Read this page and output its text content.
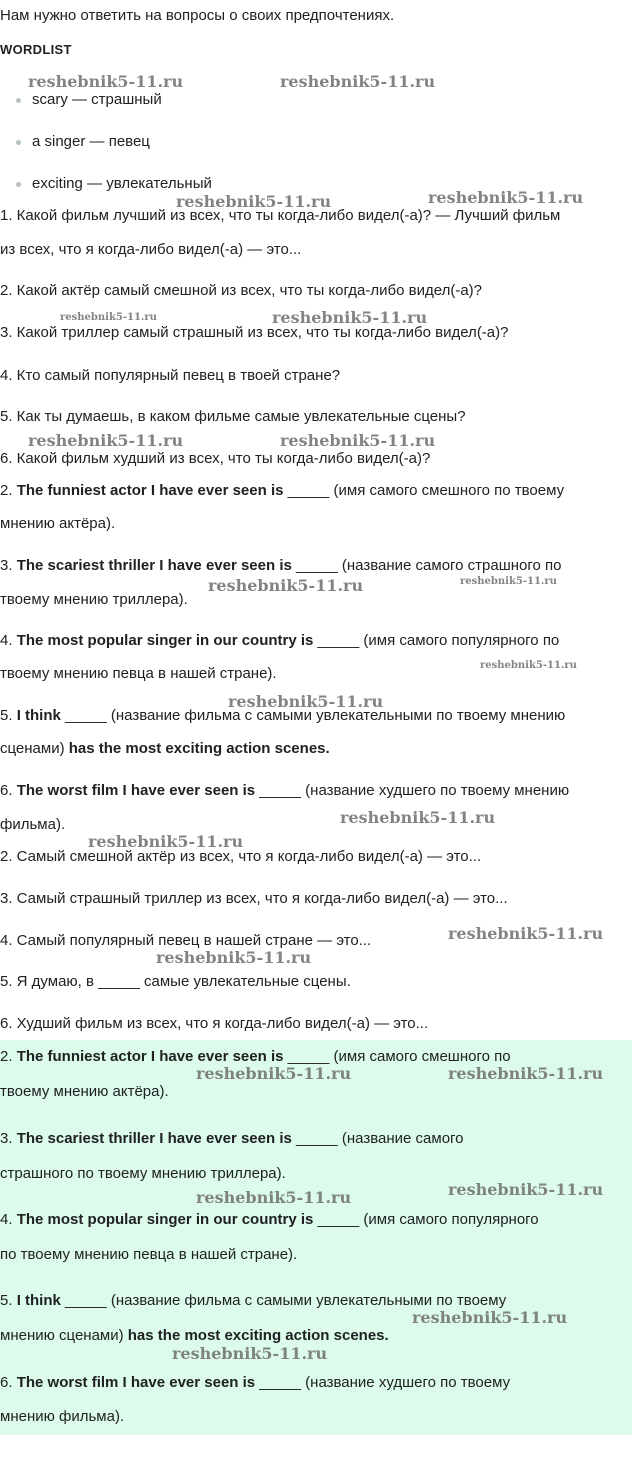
Нам нужно ответить на вопросы о своих предпочтениях.
WORDLIST
scary — страшный
a singer — певец
exciting — увлекательный
1. Какой фильм лучший из всех, что ты когда-либо видел(-а)? — Лучший фильм
из всех, что я когда-либо видел(-а) — это...
2. Какой актёр самый смешной из всех, что ты когда-либо видел(-а)?
3. Какой триллер самый страшный из всех, что ты когда-либо видел(-а)?
4. Кто самый популярный певец в твоей стране?
5. Как ты думаешь, в каком фильме самые увлекательные сцены?
6. Какой фильм худший из всех, что ты когда-либо видел(-а)?
2. The funniest actor I have ever seen is _____ (имя самого смешного по твоему
мнению актёра).
3. The scariest thriller I have ever seen is _____ (название самого страшного по
твоему мнению триллера).
4. The most popular singer in our country is _____ (имя самого популярного по
твоему мнению певца в нашей стране).
5. I think _____ (название фильма с самыми увлекательными по твоему мнению
сценами) has the most exciting action scenes.
6. The worst film I have ever seen is _____ (название худшего по твоему мнению
фильма).
2. Самый смешной актёр из всех, что я когда-либо видел(-а) — это...
3. Самый страшный триллер из всех, что я когда-либо видел(-а) — это...
4. Самый популярный певец в нашей стране — это...
5. Я думаю, в _____ самые увлекательные сцены.
6. Худший фильм из всех, что я когда-либо видел(-а) — это...
2. The funniest actor I have ever seen is _____ (имя самого смешного по
твоему мнению актёра).
3. The scariest thriller I have ever seen is _____ (название самого
страшного по твоему мнению триллера).
4. The most popular singer in our country is _____ (имя самого популярного
по твоему мнению певца в нашей стране).
5. I think _____ (название фильма с самыми увлекательными по твоему
мнению сценами) has the most exciting action scenes.
6. The worst film I have ever seen is _____ (название худшего по твоему
мнению фильма).
reshebnik5-11.ru	reshebnik5-11.ru
reshebnik5-11.ru	reshebnik5-11.ru
reshebnik5-11.ru	reshebnik5-11.ru
reshebnik5-11.ru	reshebnik5-11.ru
reshebnik5-11.ru	reshebnik5-11.ru
reshebnik5-11.ru
reshebnik5-11.ru
reshebnik5-11.ru
reshebnik5-11.ru
reshebnik5-11.ru
reshebnik5-11.ru
reshebnik5-11.ru	reshebnik5-11.ru
reshebnik5-11.ru
reshebnik5-11.ru
reshebnik5-11.ru
reshebnik5-11.ru
